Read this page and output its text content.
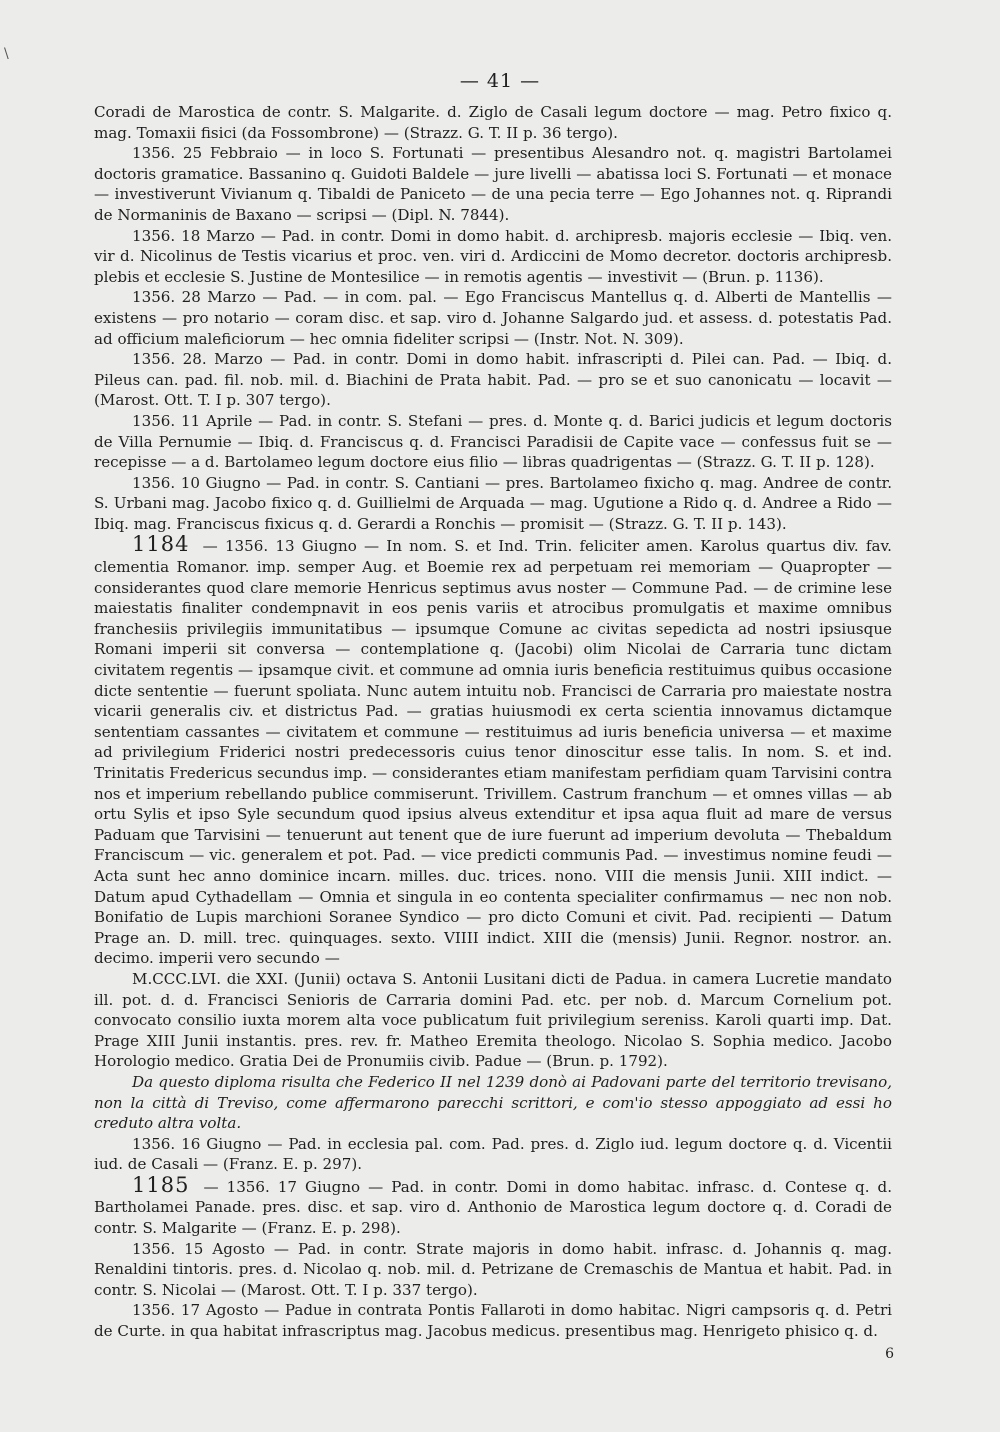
\
— 41 —

Coradi de Marostica de contr. S. Malgarite. d. Ziglo de Casali legum doctore — mag. Petro fixico q. mag. Tomaxii fisici (da Fossombrone) — (Strazz. G. T. II p. 36 tergo).

1356. 25 Febbraio — in loco S. Fortunati — presentibus Alesandro not. q. magistri Bartolamei doctoris gramatice. Bassanino q. Guidoti Baldele — jure livelli — abatissa loci S. Fortunati — et monace — investiverunt Vivianum q. Tibaldi de Paniceto — de una pecia terre — Ego Johannes not. q. Riprandi de Normaninis de Baxano — scripsi — (Dipl. N. 7844).

1356. 18 Marzo — Pad. in contr. Domi in domo habit. d. archipresb. majoris ecclesie — Ibiq. ven. vir d. Nicolinus de Testis vicarius et proc. ven. viri d. Ardiccini de Momo decretor. doctoris archipresb. plebis et ecclesie S. Justine de Montesilice — in remotis agentis — investivit — (Brun. p. 1136).

1356. 28 Marzo — Pad. — in com. pal. — Ego Franciscus Mantellus q. d. Alberti de Mantellis — existens — pro notario — coram disc. et sap. viro d. Johanne Salgardo jud. et assess. d. potestatis Pad. ad officium maleficiorum — hec omnia fideliter scripsi — (Instr. Not. N. 309).

1356. 28. Marzo — Pad. in contr. Domi in domo habit. infrascripti d. Pilei can. Pad. — Ibiq. d. Pileus can. pad. fil. nob. mil. d. Biachini de Prata habit. Pad. — pro se et suo canonicatu — locavit — (Marost. Ott. T. I p. 307 tergo).

1356. 11 Aprile — Pad. in contr. S. Stefani — pres. d. Monte q. d. Barici judicis et legum doctoris de Villa Pernumie — Ibiq. d. Franciscus q. d. Francisci Paradisii de Capite vace — confessus fuit se — recepisse — a d. Bartolameo legum doctore eius filio — libras quadrigentas — (Strazz. G. T. II p. 128).

1356. 10 Giugno — Pad. in contr. S. Cantiani — pres. Bartolameo fixicho q. mag. Andree de contr. S. Urbani mag. Jacobo fixico q. d. Guillielmi de Arquada — mag. Ugutione a Rido q. d. Andree a Rido — Ibiq. mag. Franciscus fixicus q. d. Gerardi a Ronchis — promisit — (Strazz. G. T. II p. 143).

1184 — 1356. 13 Giugno — In nom. S. et Ind. Trin. feliciter amen. Karolus quartus div. fav. clementia Romanor. imp. semper Aug. et Boemie rex ad perpetuam rei memoriam — Quapropter — considerantes quod clare memorie Henricus septimus avus noster — Commune Pad. — de crimine lese maiestatis finaliter condempnavit in eos penis variis et atrocibus promulgatis et maxime omnibus franchesiis privilegiis immunitatibus — ipsumque Comune ac civitas sepedicta ad nostri ipsiusque Romani imperii sit conversa — contemplatione q. (Jacobi) olim Nicolai de Carraria tunc dictam civitatem regentis — ipsamque civit. et commune ad omnia iuris beneficia restituimus quibus occasione dicte sententie — fuerunt spoliata. Nunc autem intuitu nob. Francisci de Carraria pro maiestate nostra vicarii generalis civ. et districtus Pad. — gratias huiusmodi ex certa scientia innovamus dictamque sententiam cassantes — civitatem et commune — restituimus ad iuris beneficia universa — et maxime ad privilegium Friderici nostri predecessoris cuius tenor dinoscitur esse talis. In nom. S. et ind. Trinitatis Fredericus secundus imp. — considerantes etiam manifestam perfidiam quam Tarvisini contra nos et imperium rebellando publice commiserunt. Trivillem. Castrum franchum — et omnes villas — ab ortu Sylis et ipso Syle secundum quod ipsius alveus extenditur et ipsa aqua fluit ad mare de versus Paduam que Tarvisini — tenuerunt aut tenent que de iure fuerunt ad imperium devoluta — Thebaldum Franciscum — vic. generalem et pot. Pad. — vice predicti communis Pad. — investimus nomine feudi — Acta sunt hec anno dominice incarn. milles. duc. trices. nono. VIII die mensis Junii. XIII indict. — Datum apud Cythadellam — Omnia et singula in eo contenta specialiter confirmamus — nec non nob. Bonifatio de Lupis marchioni Soranee Syndico — pro dicto Comuni et civit. Pad. recipienti — Datum Prage an. D. mill. trec. quinquages. sexto. VIIII indict. XIII die (mensis) Junii. Regnor. nostror. an. decimo. imperii vero secundo —

M.CCC.LVI. die XXI. (Junii) octava S. Antonii Lusitani dicti de Padua. in camera Lucretie mandato ill. pot. d. d. Francisci Senioris de Carraria domini Pad. etc. per nob. d. Marcum Cornelium pot. convocato consilio iuxta morem alta voce publicatum fuit privilegium sereniss. Karoli quarti imp. Dat. Prage XIII Junii instantis. pres. rev. fr. Matheo Eremita theologo. Nicolao S. Sophia medico. Jacobo Horologio medico. Gratia Dei de Pronumiis civib. Padue — (Brun. p. 1792).

Da questo diploma risulta che Federico II nel 1239 donò ai Padovani parte del territorio trevisano, non la città di Treviso, come affermarono parecchi scrittori, e com'io stesso appoggiato ad essi ho creduto altra volta.

1356. 16 Giugno — Pad. in ecclesia pal. com. Pad. pres. d. Ziglo iud. legum doctore q. d. Vicentii iud. de Casali — (Franz. E. p. 297).

1185 — 1356. 17 Giugno — Pad. in contr. Domi in domo habitac. infrasc. d. Contese q. d. Bartholamei Panade. pres. disc. et sap. viro d. Anthonio de Marostica legum doctore q. d. Coradi de contr. S. Malgarite — (Franz. E. p. 298).

1356. 15 Agosto — Pad. in contr. Strate majoris in domo habit. infrasc. d. Johannis q. mag. Renaldini tintoris. pres. d. Nicolao q. nob. mil. d. Petrizane de Cremaschis de Mantua et habit. Pad. in contr. S. Nicolai — (Marost. Ott. T. I p. 337 tergo).

1356. 17 Agosto — Padue in contrata Pontis Fallaroti in domo habitac. Nigri campsoris q. d. Petri de Curte. in qua habitat infrascriptus mag. Jacobus medicus. presentibus mag. Henrigeto phisico q. d.

6
